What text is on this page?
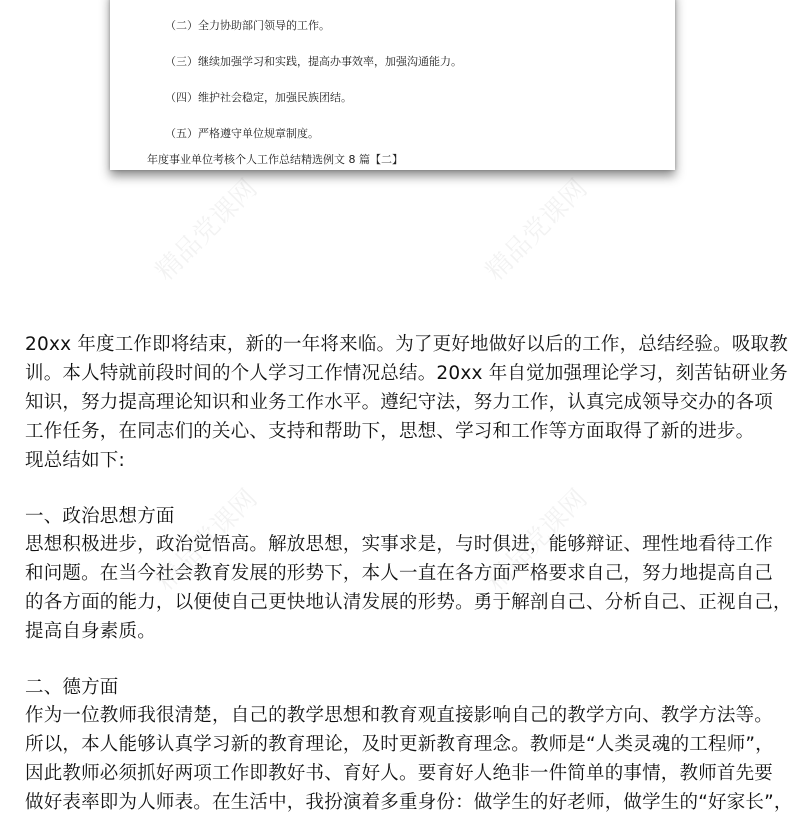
（二）全力协助部门领导的工作。
（三）继续加强学习和实践，提高办事效率，加强沟通能力。
（四）维护社会稳定，加强民族团结。
（五）严格遵守单位规章制度。
年度事业单位考核个人工作总结精选例文 8 篇【二】
20xx 年度工作即将结束，新的一年将来临。为了更好地做好以后的工作，总结经验。吸取教
训。本人特就前段时间的个人学习工作情况总结。20xx 年自觉加强理论学习，刻苦钻研业务
知识，努力提高理论知识和业务工作水平。遵纪守法，努力工作，认真完成领导交办的各项
工作任务，在同志们的关心、支持和帮助下，思想、学习和工作等方面取得了新的进步。
现总结如下:
一、政治思想方面
思想积极进步，政治觉悟高。解放思想，实事求是，与时俱进，能够辩证、理性地看待工作
和问题。在当今社会教育发展的形势下，本人一直在各方面严格要求自己，努力地提高自己
的各方面的能力，以便使自己更快地认清发展的形势。勇于解剖自己、分析自己、正视自己，
提高自身素质。
二、德方面
作为一位教师我很清楚，自己的教学思想和教育观直接影响自己的教学方向、教学方法等。
所以，本人能够认真学习新的教育理论，及时更新教育理念。教师是“人类灵魂的工程师”，
因此教师必须抓好两项工作即教好书、育好人。要育好人绝非一件简单的事情，教师首先要
做好表率即为人师表。在生活中，我扮演着多重身份：做学生的好老师，做学生的“好家长”，
精品党课网	精品党课网
精品党课网	精品党课网
